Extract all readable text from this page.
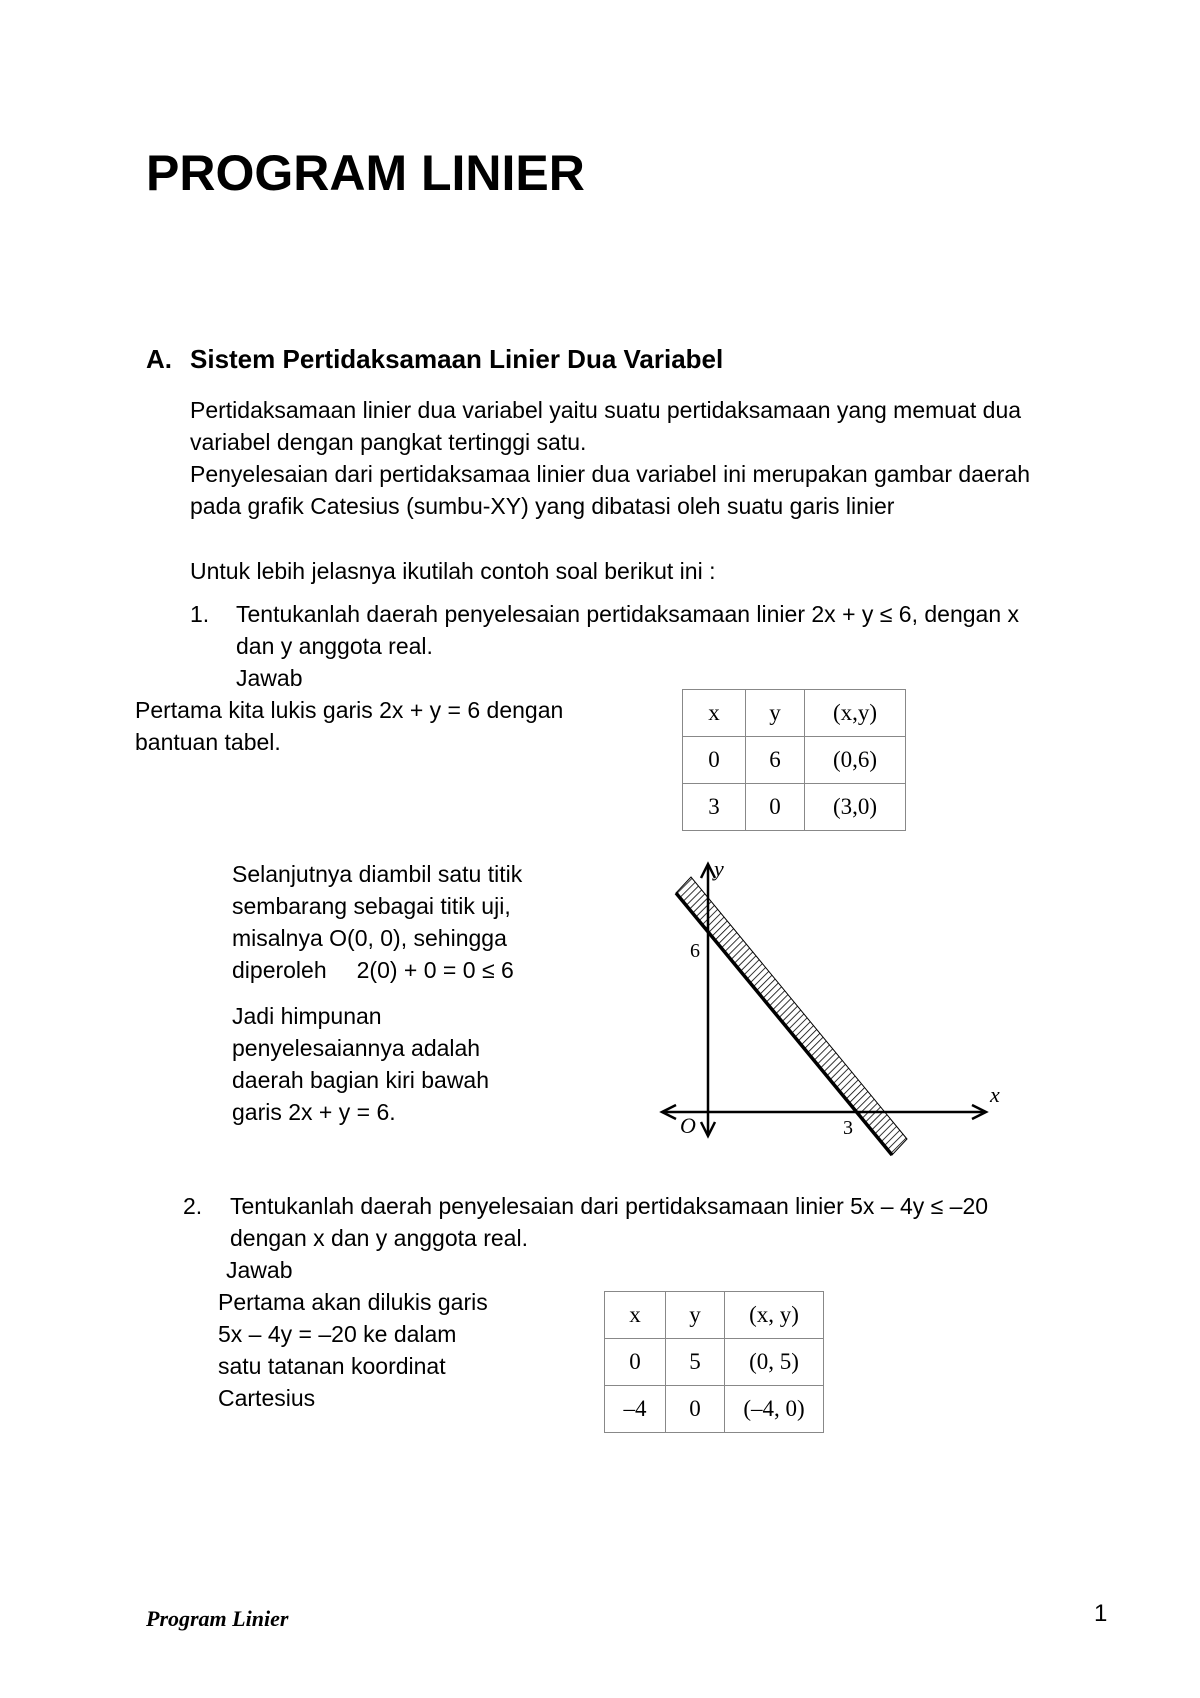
PROGRAM LINIER
A. Sistem Pertidaksamaan Linier Dua Variabel
Pertidaksamaan linier dua variabel yaitu suatu pertidaksamaan yang memuat dua
variabel dengan pangkat tertinggi satu.
Penyelesaian dari pertidaksamaa linier dua variabel ini merupakan gambar daerah
pada grafik Catesius (sumbu-XY) yang dibatasi oleh suatu garis linier
Untuk lebih jelasnya ikutilah contoh soal berikut ini :
1. Tentukanlah daerah penyelesaian pertidaksamaan linier 2x + y ≤ 6, dengan x
dan y anggota real.
Jawab
Pertama kita lukis garis 2x + y = 6 dengan
bantuan tabel.
x	y	(x,y)
0	6	(0,6)
3	0	(3,0)
Selanjutnya diambil satu titik
sembarang sebagai titik uji,
misalnya O(0, 0), sehingga
diperoleh 2(0) + 0 = 0 ≤ 6
Jadi himpunan
penyelesaiannya adalah
daerah bagian kiri bawah
garis 2x + y = 6.
y
x
O
6
3
2. Tentukanlah daerah penyelesaian dari pertidaksamaan linier 5x – 4y ≤ –20
dengan x dan y anggota real.
Jawab
Pertama akan dilukis garis
5x – 4y = –20 ke dalam
satu tatanan koordinat
Cartesius
x	y	(x, y)
0	5	(0, 5)
–4	0	(–4, 0)
Program Linier	1
